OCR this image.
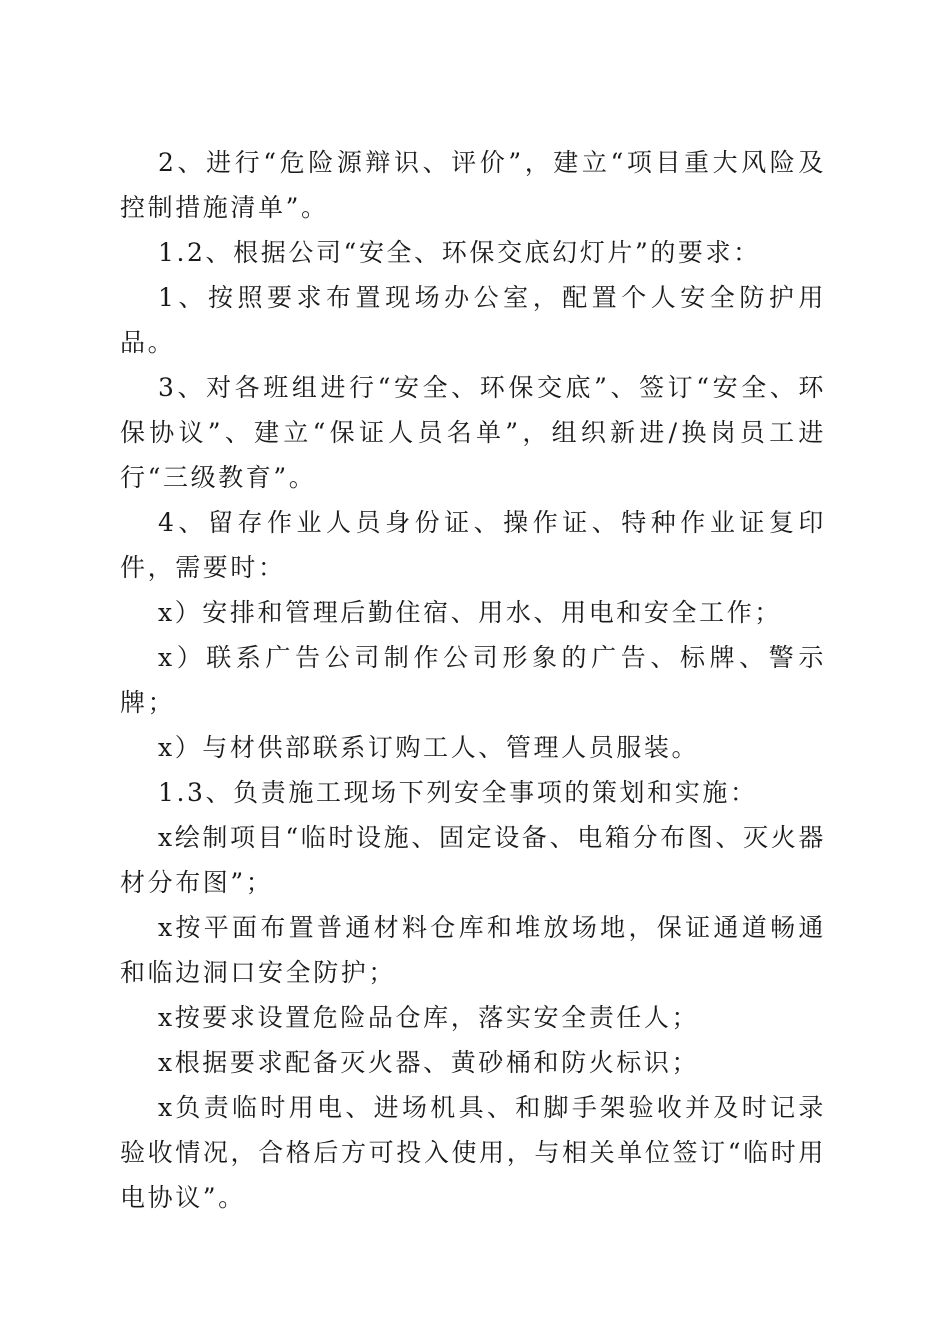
2、进行“危险源辩识、评价”，建立“项目重大风险及控制措施清单”。

1.2、根据公司“安全、环保交底幻灯片”的要求：

1、按照要求布置现场办公室，配置个人安全防护用品。

3、对各班组进行“安全、环保交底”、签订“安全、环保协议”、建立“保证人员名单”，组织新进/换岗员工进行“三级教育”。

4、留存作业人员身份证、操作证、特种作业证复印件，需要时：

x）安排和管理后勤住宿、用水、用电和安全工作；

x）联系广告公司制作公司形象的广告、标牌、警示牌；

x）与材供部联系订购工人、管理人员服装。

1.3、负责施工现场下列安全事项的策划和实施：

x绘制项目“临时设施、固定设备、电箱分布图、灭火器材分布图”；

x按平面布置普通材料仓库和堆放场地，保证通道畅通和临边洞口安全防护；

x按要求设置危险品仓库，落实安全责任人；

x根据要求配备灭火器、黄砂桶和防火标识；

x负责临时用电、进场机具、和脚手架验收并及时记录验收情况，合格后方可投入使用，与相关单位签订“临时用电协议”。
